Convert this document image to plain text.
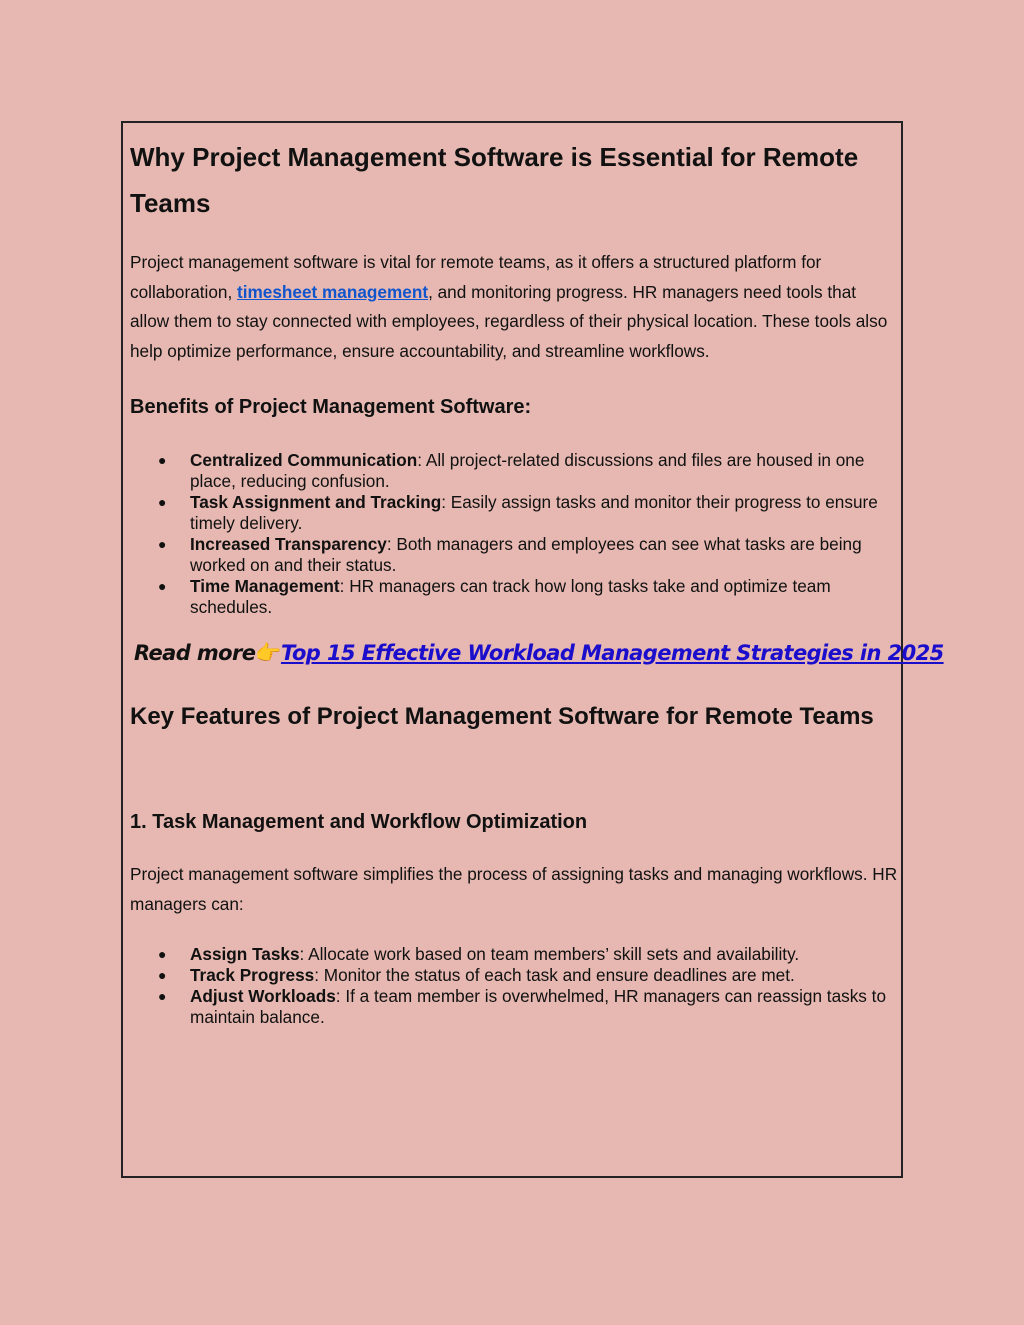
Why Project Management Software is Essential for Remote Teams

Project management software is vital for remote teams, as it offers a structured platform for collaboration, timesheet management, and monitoring progress. HR managers need tools that allow them to stay connected with employees, regardless of their physical location. These tools also help optimize performance, ensure accountability, and streamline workflows.

Benefits of Project Management Software:
● Centralized Communication: All project-related discussions and files are housed in one place, reducing confusion.
● Task Assignment and Tracking: Easily assign tasks and monitor their progress to ensure timely delivery.
● Increased Transparency: Both managers and employees can see what tasks are being worked on and their status.
● Time Management: HR managers can track how long tasks take and optimize team schedules.
Read more👉Top 15 Effective Workload Management Strategies in 2025
Key Features of Project Management Software for Remote Teams
1. Task Management and Workflow Optimization

Project management software simplifies the process of assigning tasks and managing workflows. HR managers can:

● Assign Tasks: Allocate work based on team members’ skill sets and availability.
● Track Progress: Monitor the status of each task and ensure deadlines are met.
● Adjust Workloads: If a team member is overwhelmed, HR managers can reassign tasks to maintain balance.
